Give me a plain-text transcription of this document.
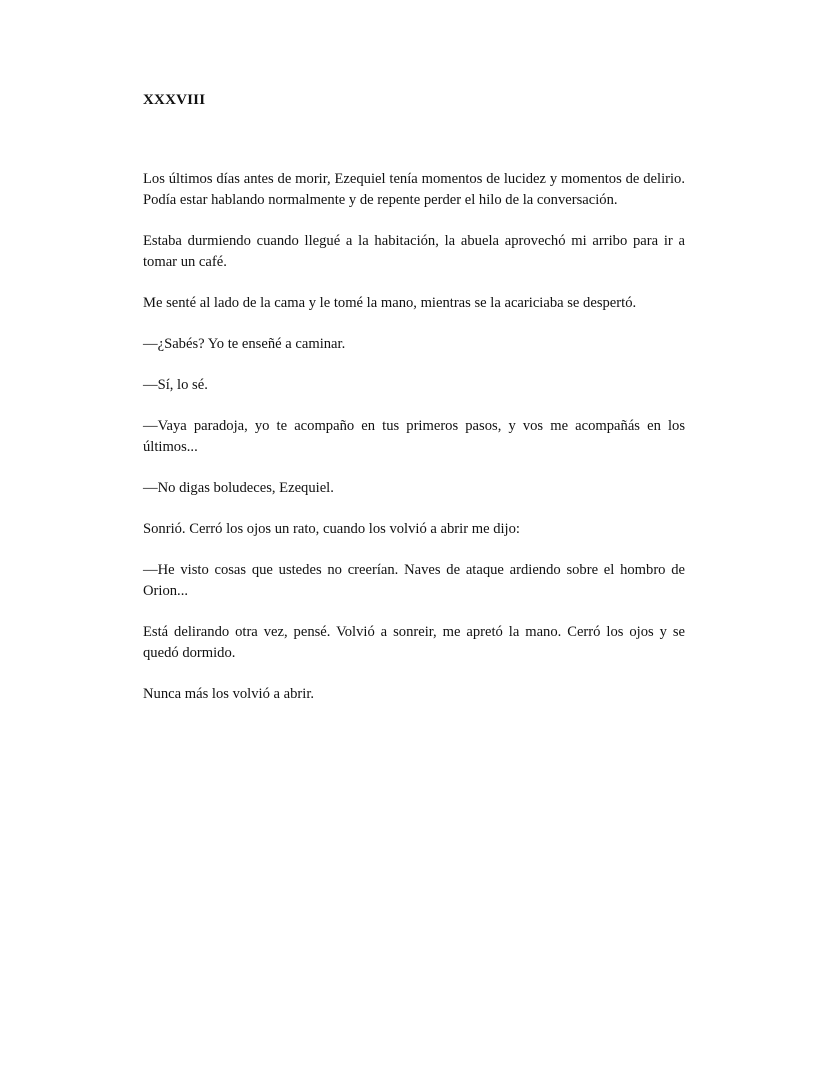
XXXVIII

Los últimos días antes de morir, Ezequiel tenía momentos de lucidez y momentos de delirio. Podía estar hablando normalmente y de repente perder el hilo de la conversación.

Estaba durmiendo cuando llegué a la habitación, la abuela aprovechó mi arribo para ir a tomar un café.

Me senté al lado de la cama y le tomé la mano, mientras se la acariciaba se despertó.

—¿Sabés? Yo te enseñé a caminar.

—Sí, lo sé.

—Vaya paradoja, yo te acompaño en tus primeros pasos, y vos me acompañás en los últimos...

—No digas boludeces, Ezequiel.

Sonrió. Cerró los ojos un rato, cuando los volvió a abrir me dijo:

—He visto cosas que ustedes no creerían. Naves de ataque ardiendo sobre el hombro de Orion...

Está delirando otra vez, pensé. Volvió a sonreir, me apretó la mano. Cerró los ojos y se quedó dormido.

Nunca más los volvió a abrir.
